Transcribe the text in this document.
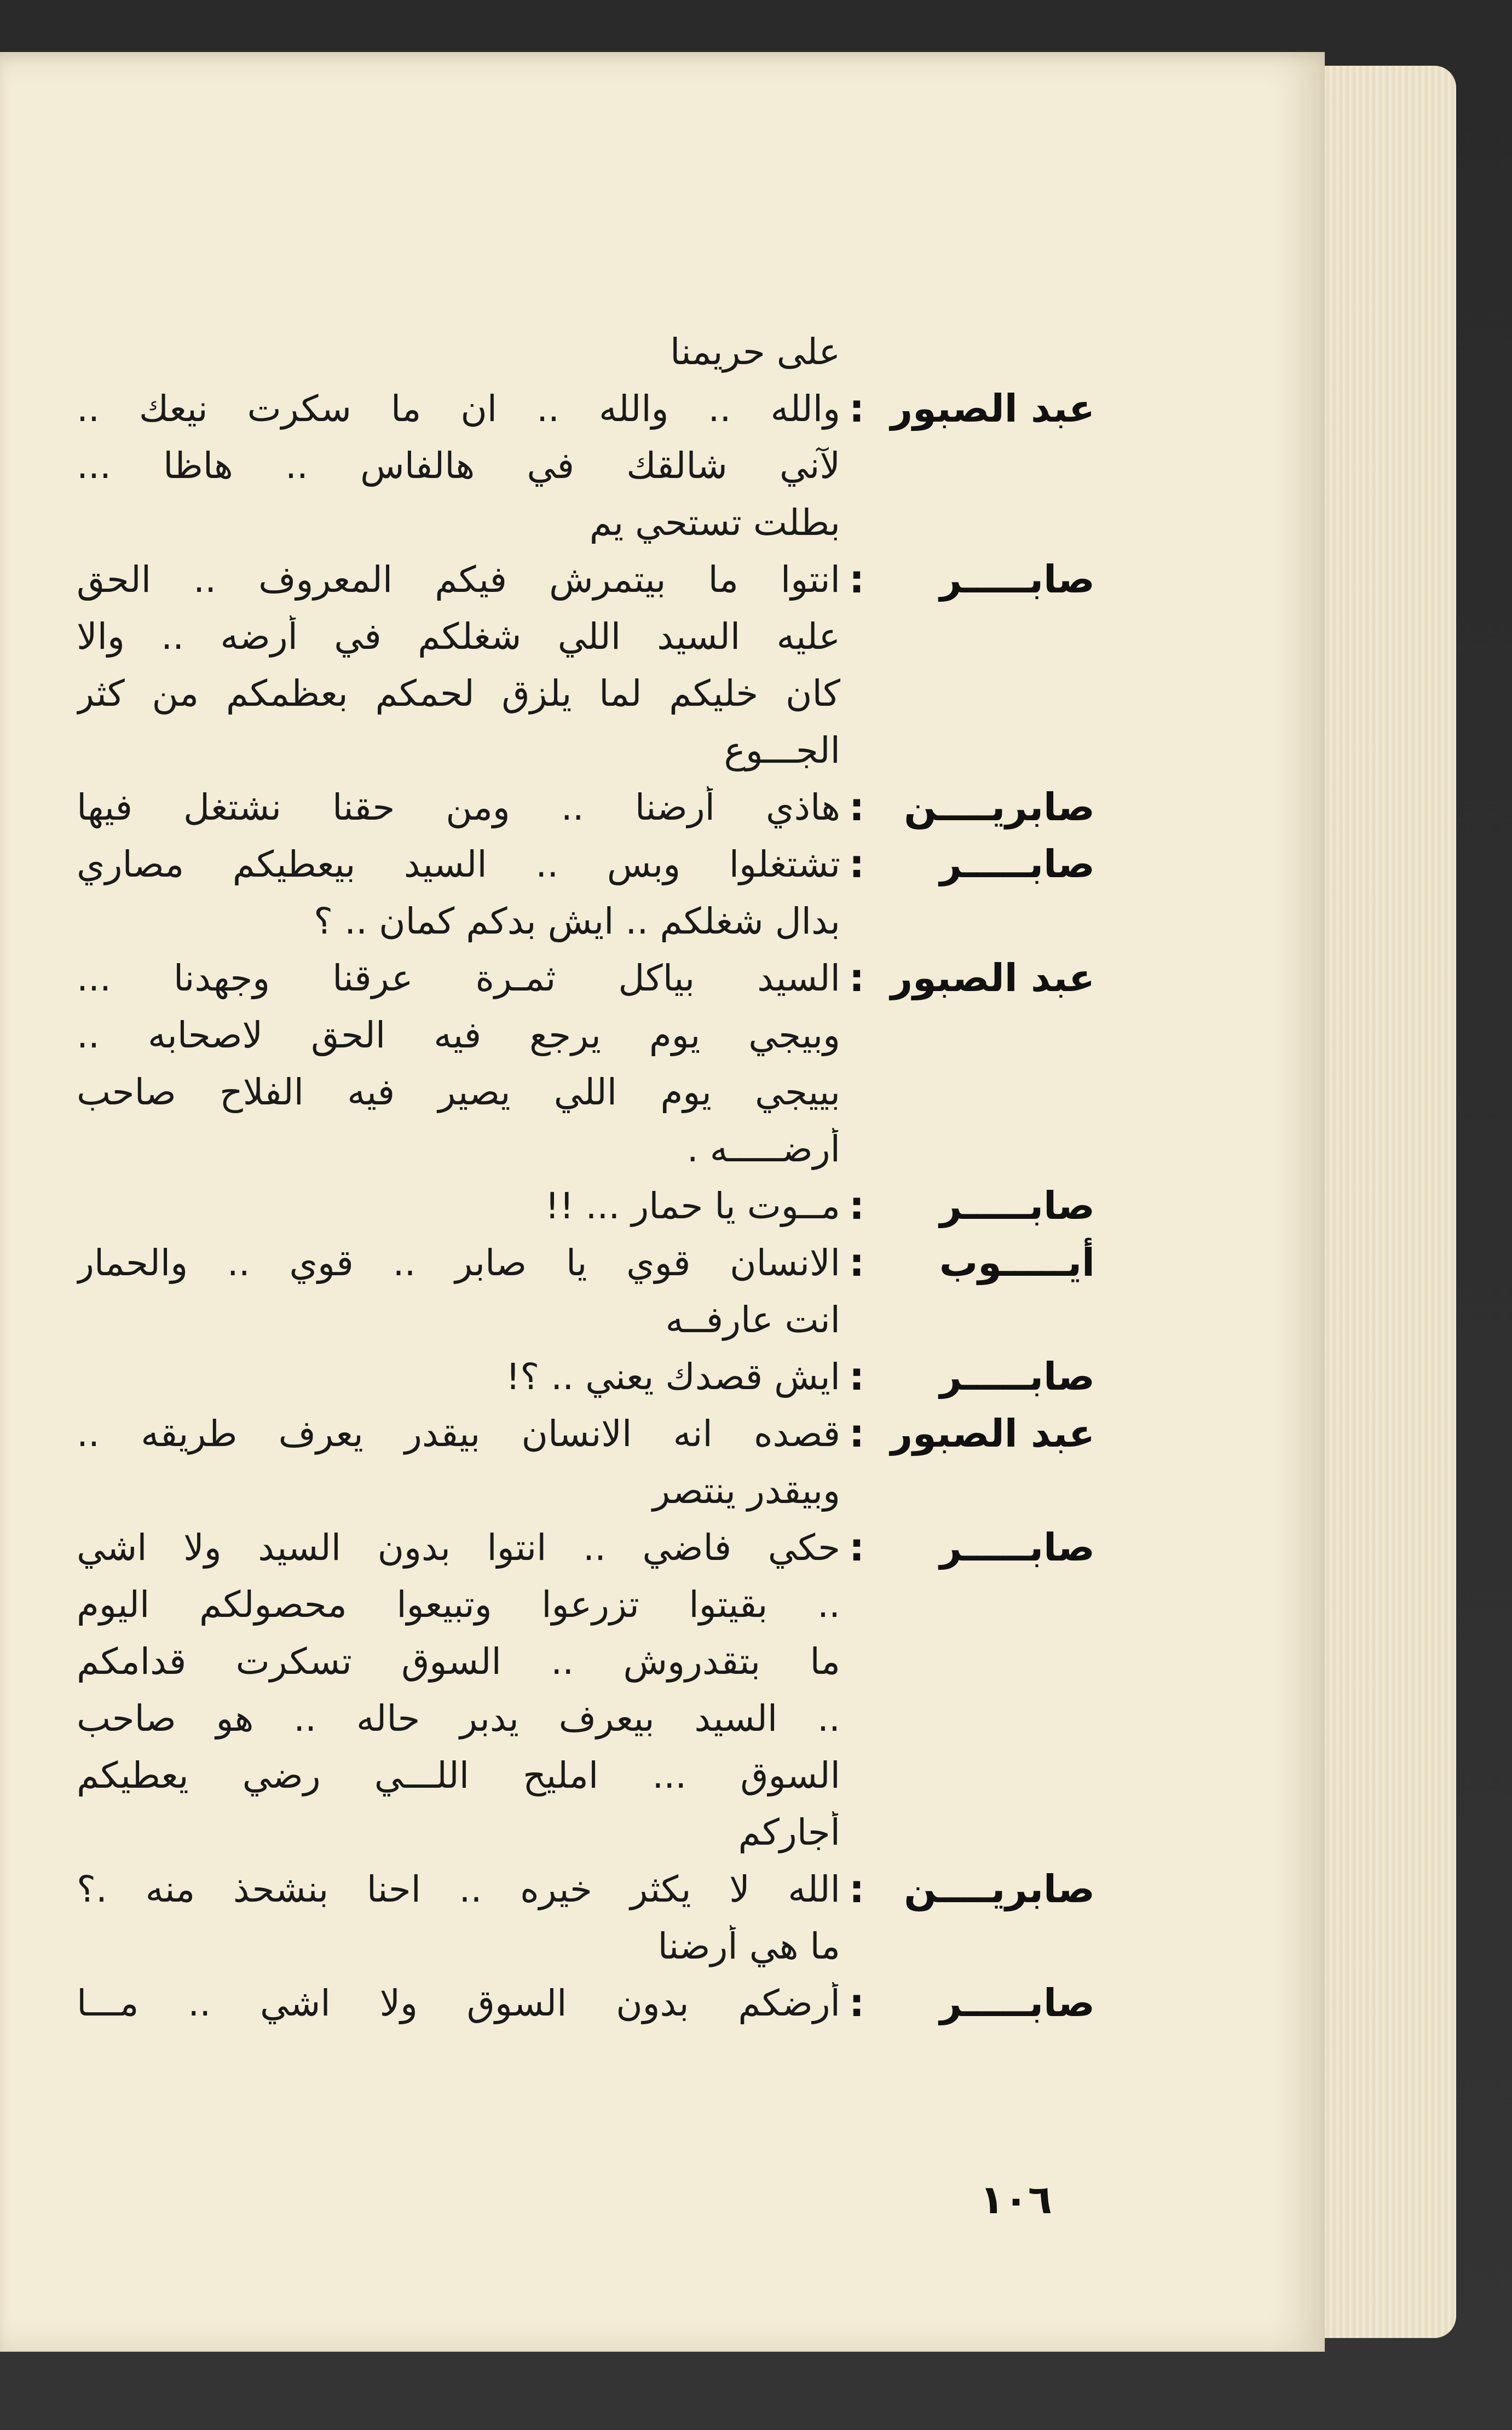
على حريمنا
عبد الصبور
:
والله .. والله .. ان ما سكرت نيعك ..
لآني شالقك في هالفاس .. هاظا ...
بطلت تستحي يم
صابـــــر
:
انتوا ما بيتمرش فيكم المعروف .. الحق
عليه السيد اللي شغلكم في أرضه .. والا
كان خليكم لما يلزق لحمكم بعظمكم من كثر
الجـــوع
صابريــــن
:
هاذي أرضنا .. ومن حقنا نشتغل فيها
صابـــــر
:
تشتغلوا وبس .. السيد بيعطيكم مصاري
بدال شغلكم .. ايش بدكم كمان .. ؟
عبد الصبور
:
السيد بياكل ثمـرة عرقنا وجهدنا ...
وبيجي يوم يرجع فيه الحق لاصحابه ..
بييجي يوم اللي يصير فيه الفلاح صاحب
أرضـــــه .
صابـــــر
:
مــوت يا حمار ... !!
أيـــــوب
:
الانسان قوي يا صابر .. قوي .. والحمار
انت عارفــه
صابـــــر
:
ايش قصدك يعني .. ؟!
عبد الصبور
:
قصده انه الانسان بيقدر يعرف طريقه ..
وبيقدر ينتصر
صابـــــر
:
حكي فاضي .. انتوا بدون السيد ولا اشي
.. بقيتوا تزرعوا وتبيعوا محصولكم اليوم
ما بتقدروش .. السوق تسكرت قدامكم
.. السيد بيعرف يدبر حاله .. هو صاحب
السوق ... امليح اللـــي رضي يعطيكم
أجاركم
صابريــــن
:
الله لا يكثر خيره .. احنا بنشحذ منه .؟
ما هي أرضنا
صابـــــر
:
أرضكم بدون السوق ولا اشي .. مـــا
١٠٦
